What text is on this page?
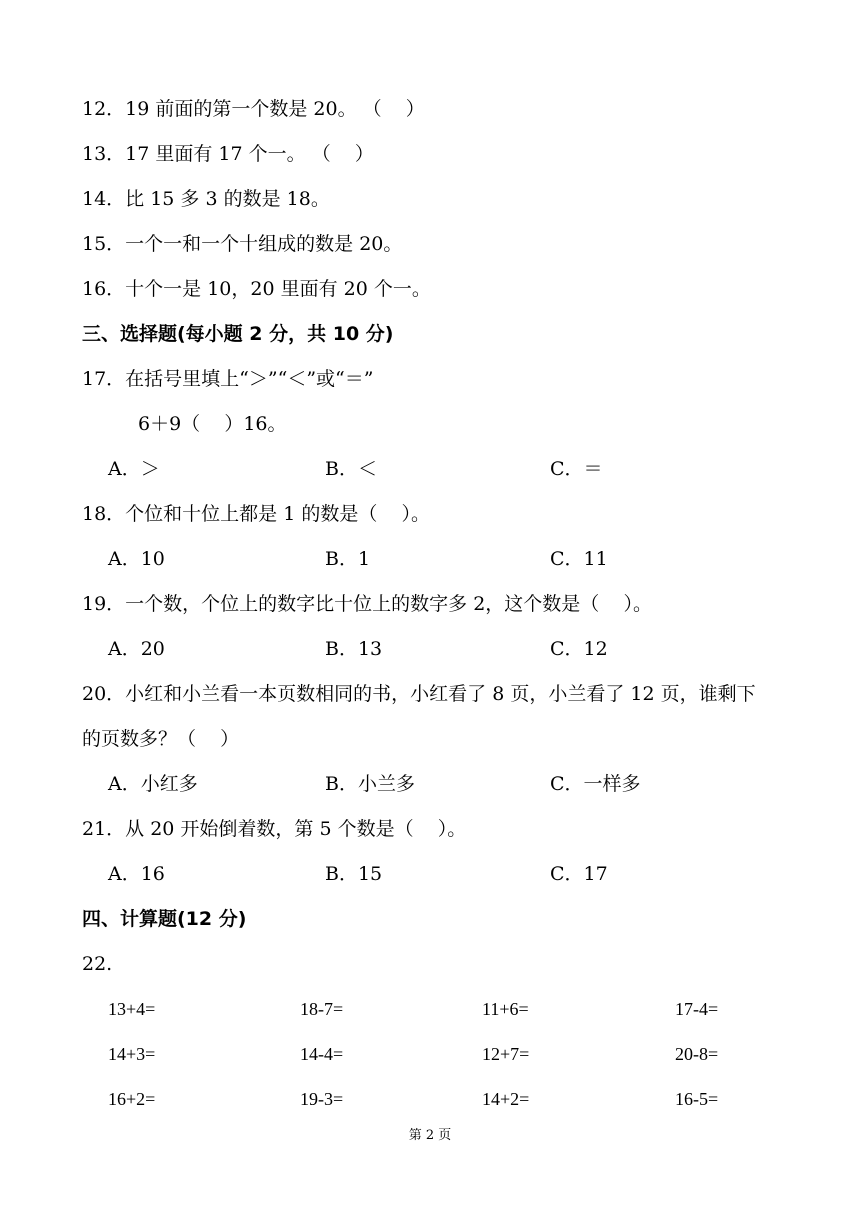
12．19 前面的第一个数是 20。 （    ）
13．17 里面有 17 个一。 （    ）
14．比 15 多 3 的数是 18。
15．一个一和一个十组成的数是 20。
16．十个一是 10，20 里面有 20 个一。
三、选择题(每小题 2 分，共 10 分)
17．在括号里填上“＞”“＜”或“＝”
6＋9（    ）16。
A．＞	B．＜	C．＝
18．个位和十位上都是 1 的数是（    ）。
A．10	B．1	C．11
19．一个数，个位上的数字比十位上的数字多 2，这个数是（    ）。
A．20	B．13	C．12
20．小红和小兰看一本页数相同的书，小红看了 8 页，小兰看了 12 页，谁剩下
的页数多？（    ）
A．小红多	B．小兰多	C．一样多
21．从 20 开始倒着数，第 5 个数是（    ）。
A．16	B．15	C．17
四、计算题(12 分)
22.
13+4=	18-7=	11+6=	17-4=
14+3=	14-4=	12+7=	20-8=
16+2=	19-3=	14+2=	16-5=
第 2 页
